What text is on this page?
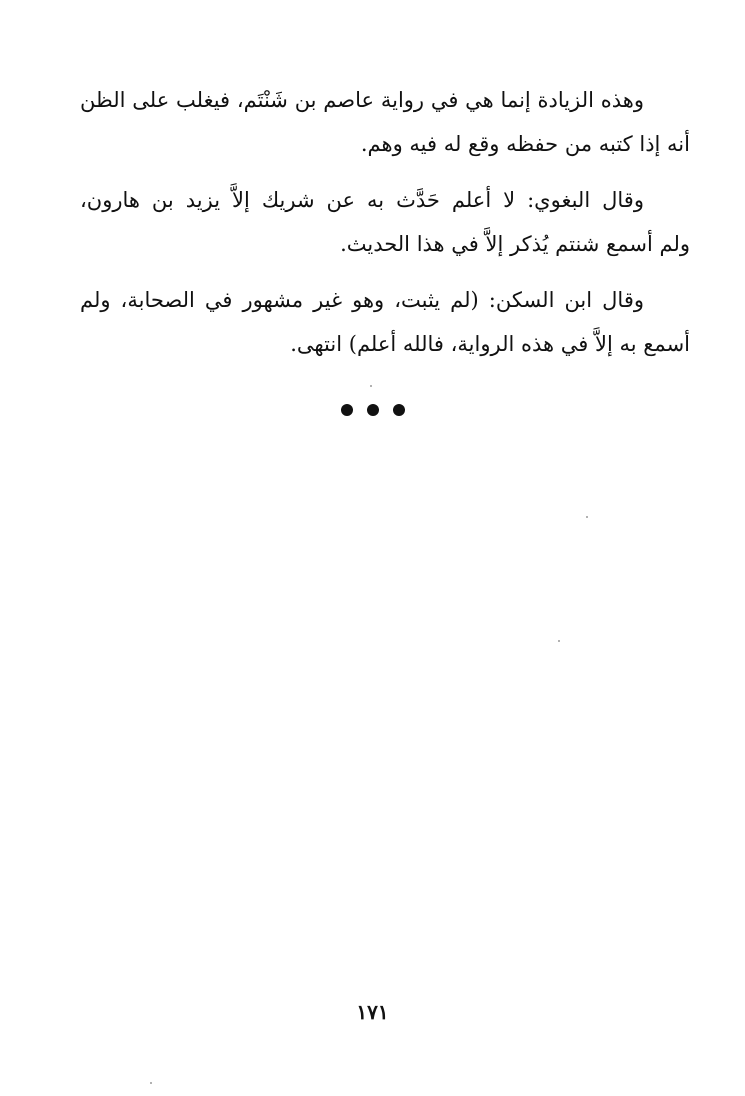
وهذه الزيادة إنما هي في رواية عاصم بن شَنْتَم، فيغلب على الظن
أنه إذا كتبه من حفظه وقع له فيه وهم.

وقال البغوي: لا أعلم حَدَّث به عن شريك إلاَّ يزيد بن هارون،
ولم أسمع شنتم يُذكر إلاَّ في هذا الحديث.

وقال ابن السكن: (لم يثبت، وهو غير مشهور في الصحابة، ولم
أسمع به إلاَّ في هذه الرواية، فالله أعلم) انتهى.

١٧١
